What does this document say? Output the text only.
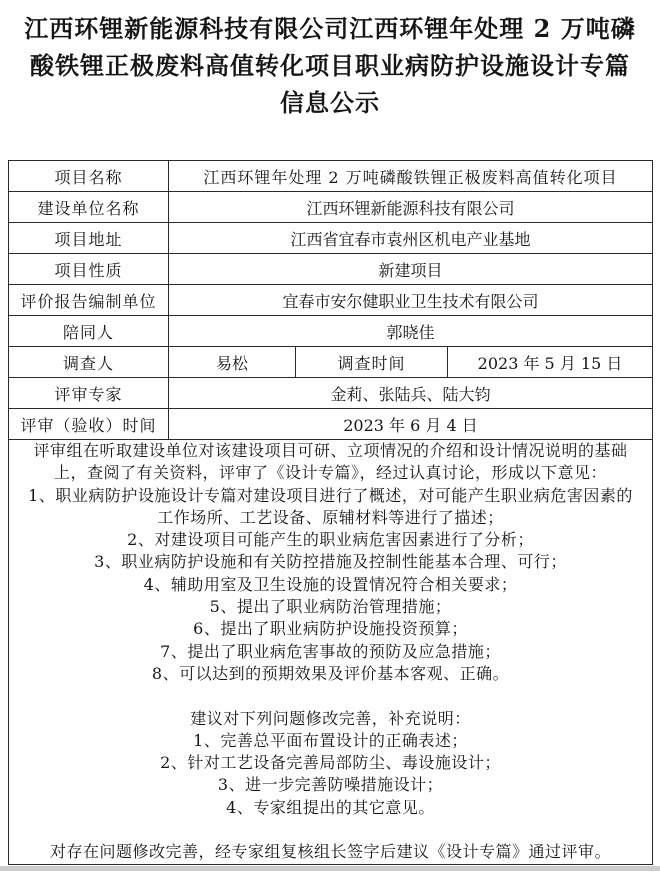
江西环锂新能源科技有限公司江西环锂年处理 2 万吨磷
酸铁锂正极废料高值转化项目职业病防护设施设计专篇
信息公示
项目名称	江西环锂年处理 2 万吨磷酸铁锂正极废料高值转化项目		
建设单位名称	江西环锂新能源科技有限公司		
项目地址	江西省宜春市袁州区机电产业基地		
项目性质	新建项目		
评价报告编制单位	宜春市安尔健职业卫生技术有限公司		
陪同人	郭晓佳		
调查人	易松	调查时间	2023 年 5 月 15 日
评审专家	金莉、张陆兵、陆大钧		
评审（验收）时间	2023 年 6 月 4 日		

评审组在听取建设单位对该建设项目可研、立项情况的介绍和设计情况说明的基础
上，查阅了有关资料，评审了《设计专篇》，经过认真讨论，形成以下意见：
1、职业病防护设施设计专篇对建设项目进行了概述，对可能产生职业病危害因素的
工作场所、工艺设备、原辅材料等进行了描述；
2、对建设项目可能产生的职业病危害因素进行了分析；
3、职业病防护设施和有关防控措施及控制性能基本合理、可行；
4、辅助用室及卫生设施的设置情况符合相关要求；
5、提出了职业病防治管理措施；
6、提出了职业病防护设施投资预算；
7、提出了职业病危害事故的预防及应急措施；
8、可以达到的预期效果及评价基本客观、正确。
建议对下列问题修改完善，补充说明：
1、完善总平面布置设计的正确表述；
2、针对工艺设备完善局部防尘、毒设施设计；
3、进一步完善防噪措施设计；
4、专家组提出的其它意见。
对存在问题修改完善，经专家组复核组长签字后建议《设计专篇》通过评审。
